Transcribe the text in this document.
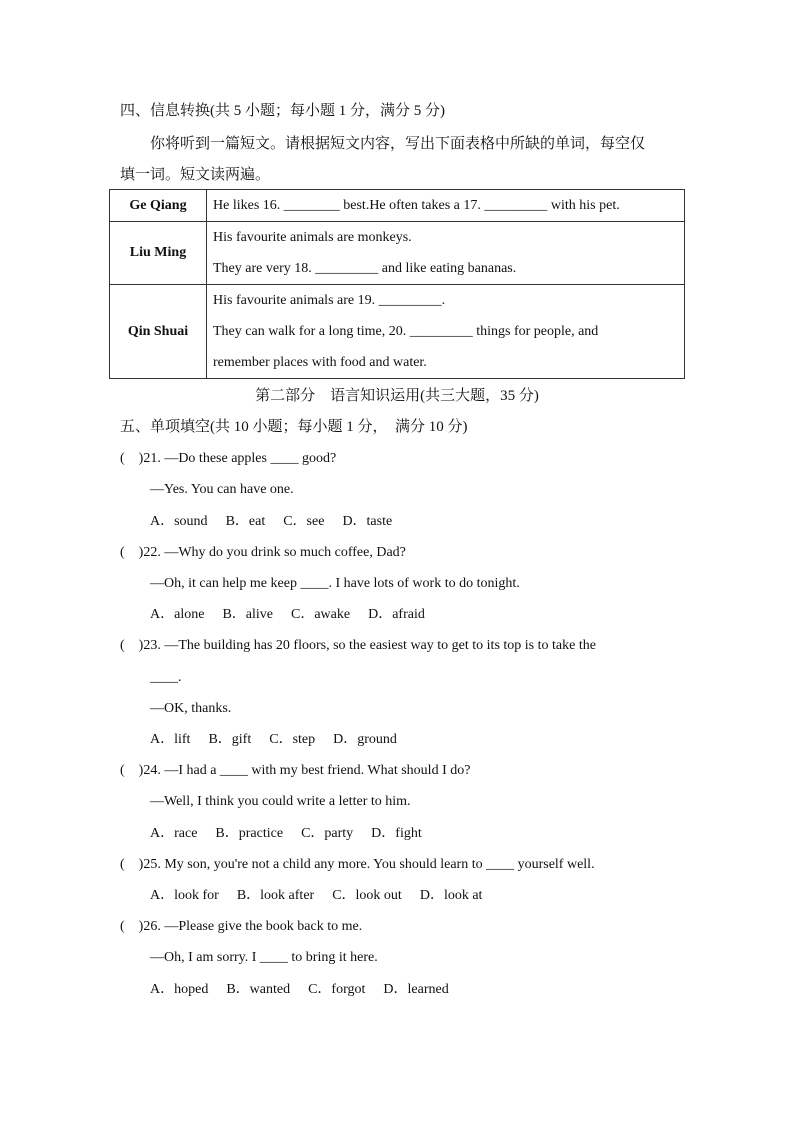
四、信息转换(共 5 小题；每小题 1 分，满分 5 分)
你将听到一篇短文。请根据短文内容，写出下面表格中所缺的单词，每空仅
填一词。短文读两遍。
Ge Qiang	He likes 16. ________ best.He often takes a 17. _________ with his pet.

Liu Ming	His favourite animals are monkeys.
They are very 18. _________ and like eating bananas.

Qin Shuai	His favourite animals are 19. _________.
They can walk for a long time, 20. _________ things for people, and
remember places with food and water.
第二部分　语言知识运用(共三大题，35 分)
五、单项填空(共 10 小题；每小题 1 分，　满分 10 分)
(　)21. —Do these apples ____ good?
—Yes. You can have one.
A．sound B．eat C．see D．taste
(　)22. —Why do you drink so much coffee, Dad?
—Oh, it can help me keep ____. I have lots of work to do tonight.
A．alone B．alive C．awake D．afraid
(　)23. —The building has 20 floors, so the easiest way to get to its top is to take the
____.
—OK, thanks.
A．lift B．gift C．step D．ground
(　)24. —I had a ____ with my best friend. What should I do?
—Well, I think you could write a letter to him.
A．race B．practice C．party D．fight
(　)25. My son, you're not a child any more. You should learn to ____ yourself well.
A．look for B．look after C．look out D．look at
(　)26. —Please give the book back to me.
—Oh, I am sorry. I ____ to bring it here.
A．hoped B．wanted C．forgot D．learned
